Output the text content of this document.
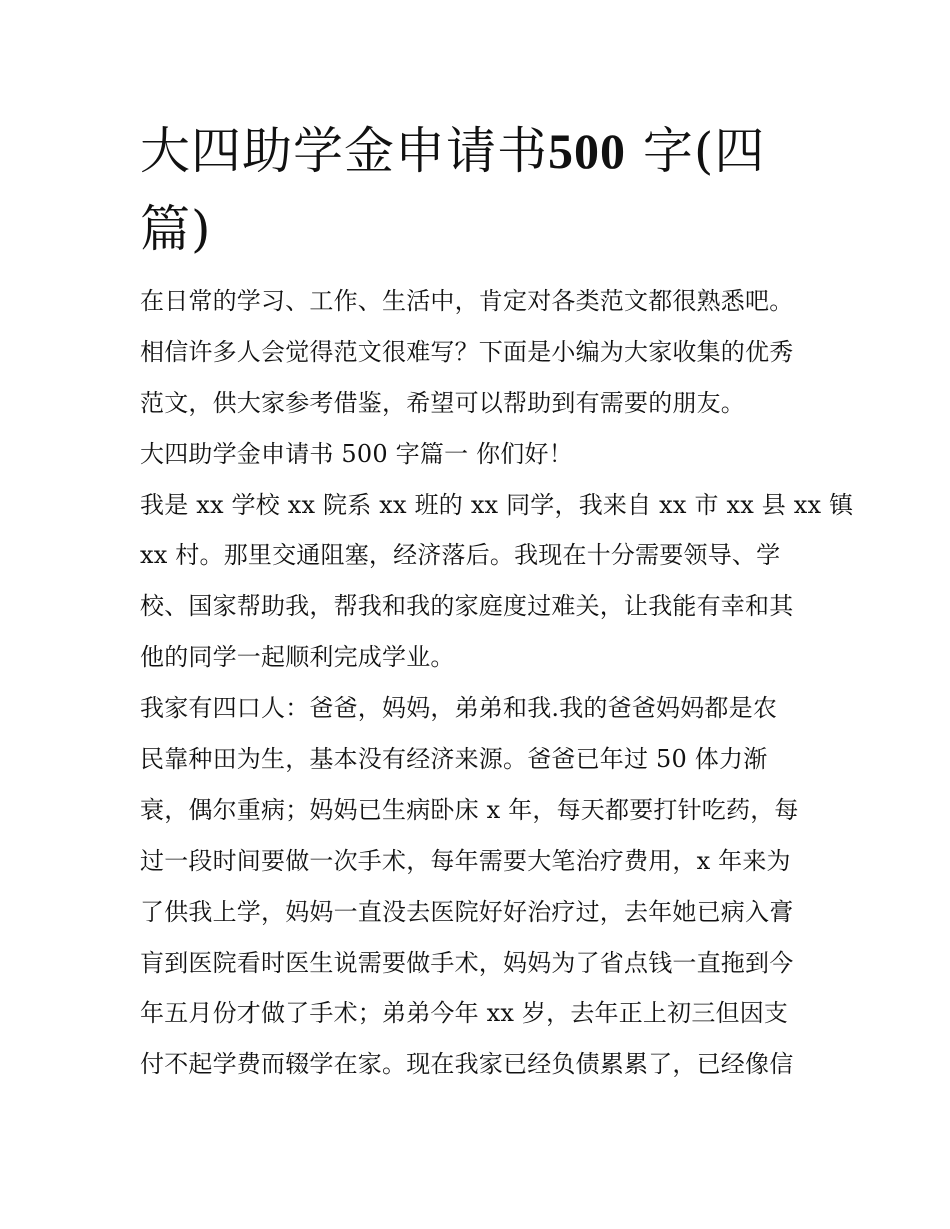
大四助学金申请书500 字(四
篇)
在日常的学习、工作、生活中，肯定对各类范文都很熟悉吧。
相信许多人会觉得范文很难写？下面是小编为大家收集的优秀
范文，供大家参考借鉴，希望可以帮助到有需要的朋友。
大四助学金申请书 500 字篇一 你们好！
我是 xx 学校 xx 院系 xx 班的 xx 同学，我来自 xx 市 xx 县 xx 镇
xx 村。那里交通阻塞，经济落后。我现在十分需要领导、学
校、国家帮助我，帮我和我的家庭度过难关，让我能有幸和其
他的同学一起顺利完成学业。
我家有四口人：爸爸，妈妈，弟弟和我.我的爸爸妈妈都是农
民靠种田为生，基本没有经济来源。爸爸已年过 50 体力渐
衰，偶尔重病；妈妈已生病卧床 x 年，每天都要打针吃药，每
过一段时间要做一次手术，每年需要大笔治疗费用，x 年来为
了供我上学，妈妈一直没去医院好好治疗过，去年她已病入膏
肓到医院看时医生说需要做手术，妈妈为了省点钱一直拖到今
年五月份才做了手术；弟弟今年 xx 岁，去年正上初三但因支
付不起学费而辍学在家。现在我家已经负债累累了，已经像信
